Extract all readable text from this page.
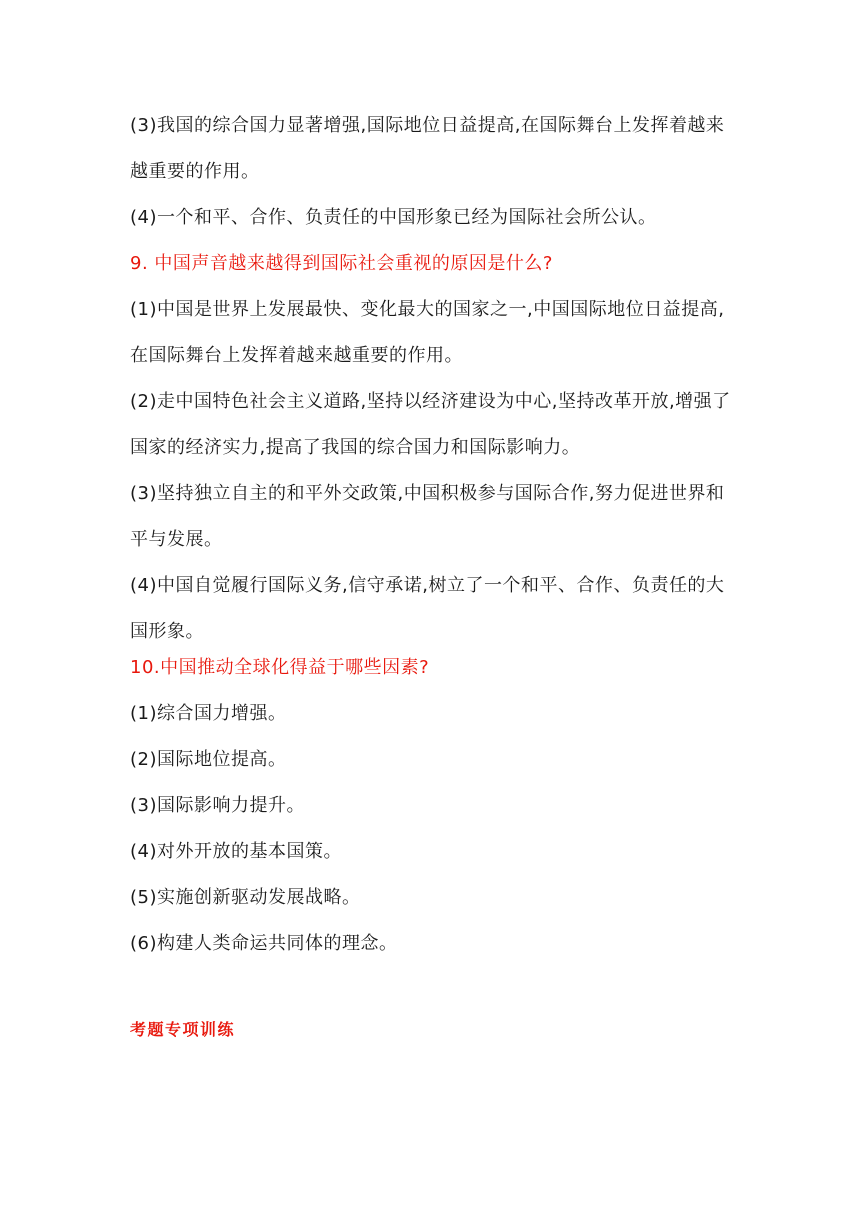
(3)我国的综合国力显著增强,国际地位日益提高,在国际舞台上发挥着越来越重要的作用。

(4)一个和平、合作、负责任的中国形象已经为国际社会所公认。

9. 中国声音越来越得到国际社会重视的原因是什么?

(1)中国是世界上发展最快、变化最大的国家之一,中国国际地位日益提高,在国际舞台上发挥着越来越重要的作用。

(2)走中国特色社会主义道路,坚持以经济建设为中心,坚持改革开放,增强了国家的经济实力,提高了我国的综合国力和国际影响力。

(3)坚持独立自主的和平外交政策,中国积极参与国际合作,努力促进世界和平与发展。

(4)中国自觉履行国际义务,信守承诺,树立了一个和平、合作、负责任的大国形象。

10.中国推动全球化得益于哪些因素?

(1)综合国力增强。

(2)国际地位提高。

(3)国际影响力提升。

(4)对外开放的基本国策。

(5)实施创新驱动发展战略。

(6)构建人类命运共同体的理念。

考题专项训练
